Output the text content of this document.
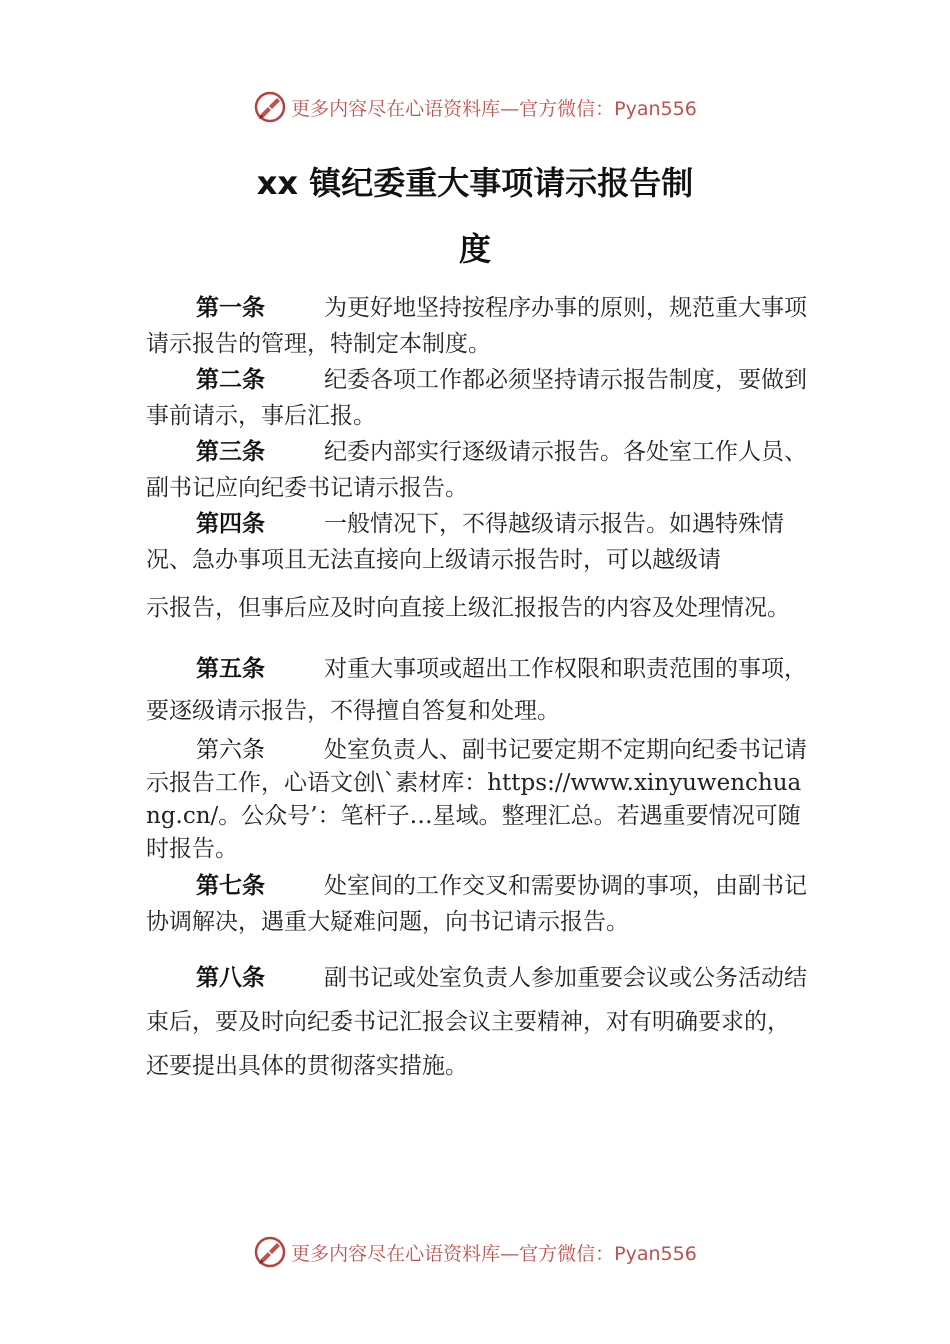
更多内容尽在心语资料库—官方微信：Pyan556
xx 镇纪委重大事项请示报告制
度

第一条	为更好地坚持按程序办事的原则，规范重大事项请示报告的管理，特制定本制度。

第二条	纪委各项工作都必须坚持请示报告制度，要做到事前请示，事后汇报。

第三条	纪委内部实行逐级请示报告。各处室工作人员、副书记应向纪委书记请示报告。

第四条	一般情况下，不得越级请示报告。如遇特殊情况、急办事项且无法直接向上级请示报告时，可以越级请

示报告，但事后应及时向直接上级汇报报告的内容及处理情况。

第五条	对重大事项或超出工作权限和职责范围的事项，要逐级请示报告，不得擅自答复和处理。

第六条	处室负责人、副书记要定期不定期向纪委书记请示报告工作，心语文创\`素材库：https://www.xinyuwenchuang.cn/。公众号’：笔杆子…星域。整理汇总。若遇重要情况可随时报告。

第七条	处室间的工作交叉和需要协调的事项，由副书记协调解决，遇重大疑难问题，向书记请示报告。

第八条	副书记或处室负责人参加重要会议或公务活动结束后，要及时向纪委书记汇报会议主要精神，对有明确要求的，还要提出具体的贯彻落实措施。

更多内容尽在心语资料库—官方微信：Pyan556
